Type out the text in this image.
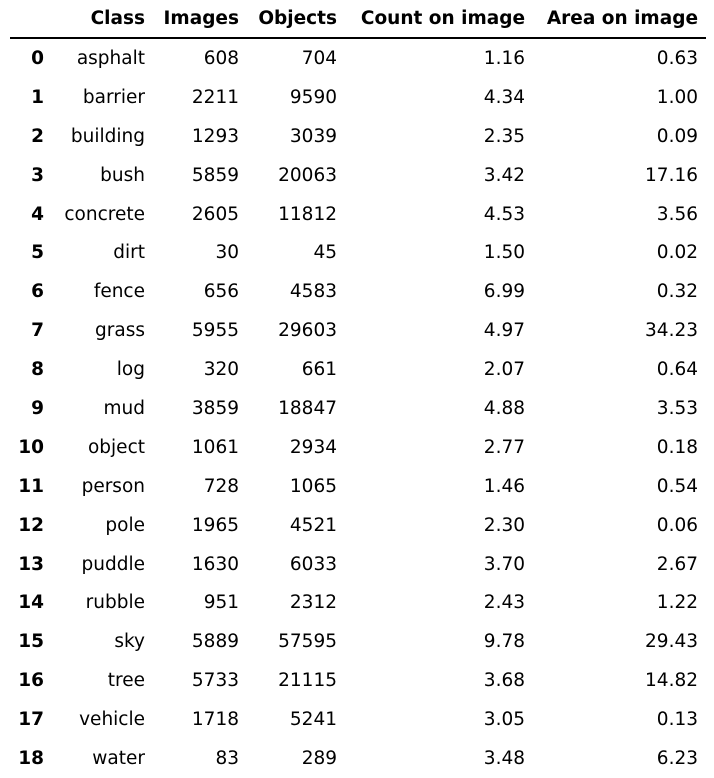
	Class	Images	Objects	Count on image	Area on image
0	asphalt	608	704	1.16	0.63
1	barrier	2211	9590	4.34	1.00
2	building	1293	3039	2.35	0.09
3	bush	5859	20063	3.42	17.16
4	concrete	2605	11812	4.53	3.56
5	dirt	30	45	1.50	0.02
6	fence	656	4583	6.99	0.32
7	grass	5955	29603	4.97	34.23
8	log	320	661	2.07	0.64
9	mud	3859	18847	4.88	3.53
10	object	1061	2934	2.77	0.18
11	person	728	1065	1.46	0.54
12	pole	1965	4521	2.30	0.06
13	puddle	1630	6033	3.70	2.67
14	rubble	951	2312	2.43	1.22
15	sky	5889	57595	9.78	29.43
16	tree	5733	21115	3.68	14.82
17	vehicle	1718	5241	3.05	0.13
18	water	83	289	3.48	6.23
